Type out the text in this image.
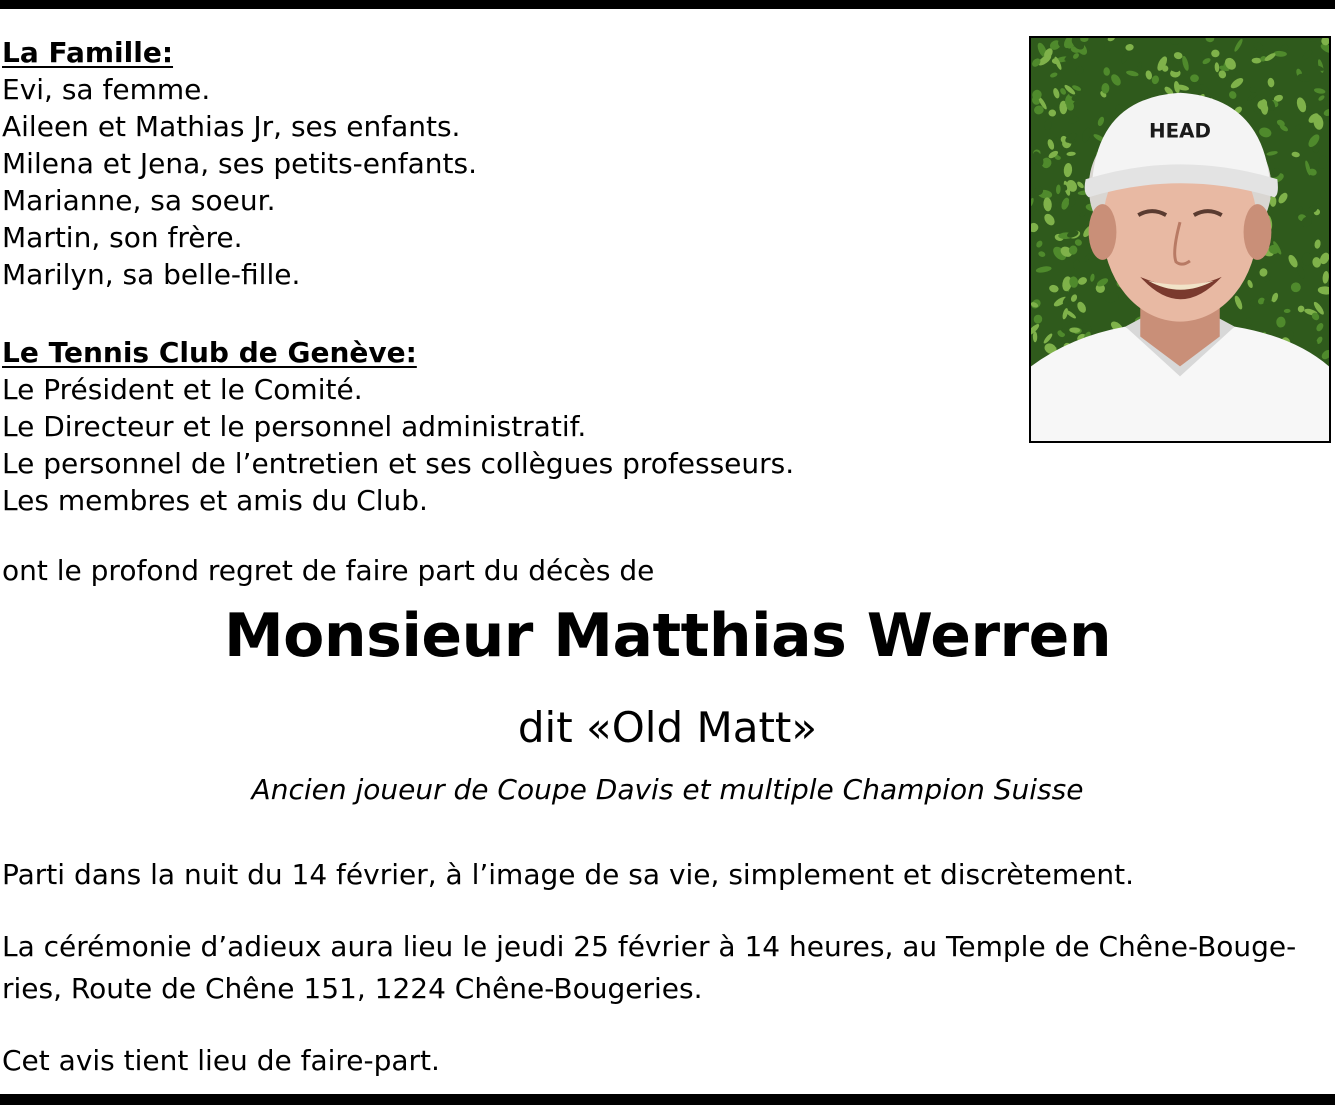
La Famille:
Evi, sa femme.
Aileen et Mathias Jr, ses enfants.
Milena et Jena, ses petits-enfants.
Marianne, sa soeur.
Martin, son frère.
Marilyn, sa belle-fille.
Le Tennis Club de Genève:
Le Président et le Comité.
Le Directeur et le personnel administratif.
Le personnel de l’entretien et ses collègues professeurs.
Les membres et amis du Club.
ont le profond regret de faire part du décès de
Monsieur Matthias Werren
dit «Old Matt»
Ancien joueur de Coupe Davis et multiple Champion Suisse
Parti dans la nuit du 14 février, à l’image de sa vie, simplement et discrètement.
La cérémonie d’adieux aura lieu le jeudi 25 février à 14 heures, au Temple de Chêne-Bouge-
ries, Route de Chêne 151, 1224 Chêne-Bougeries.
Cet avis tient lieu de faire-part.
HEAD
